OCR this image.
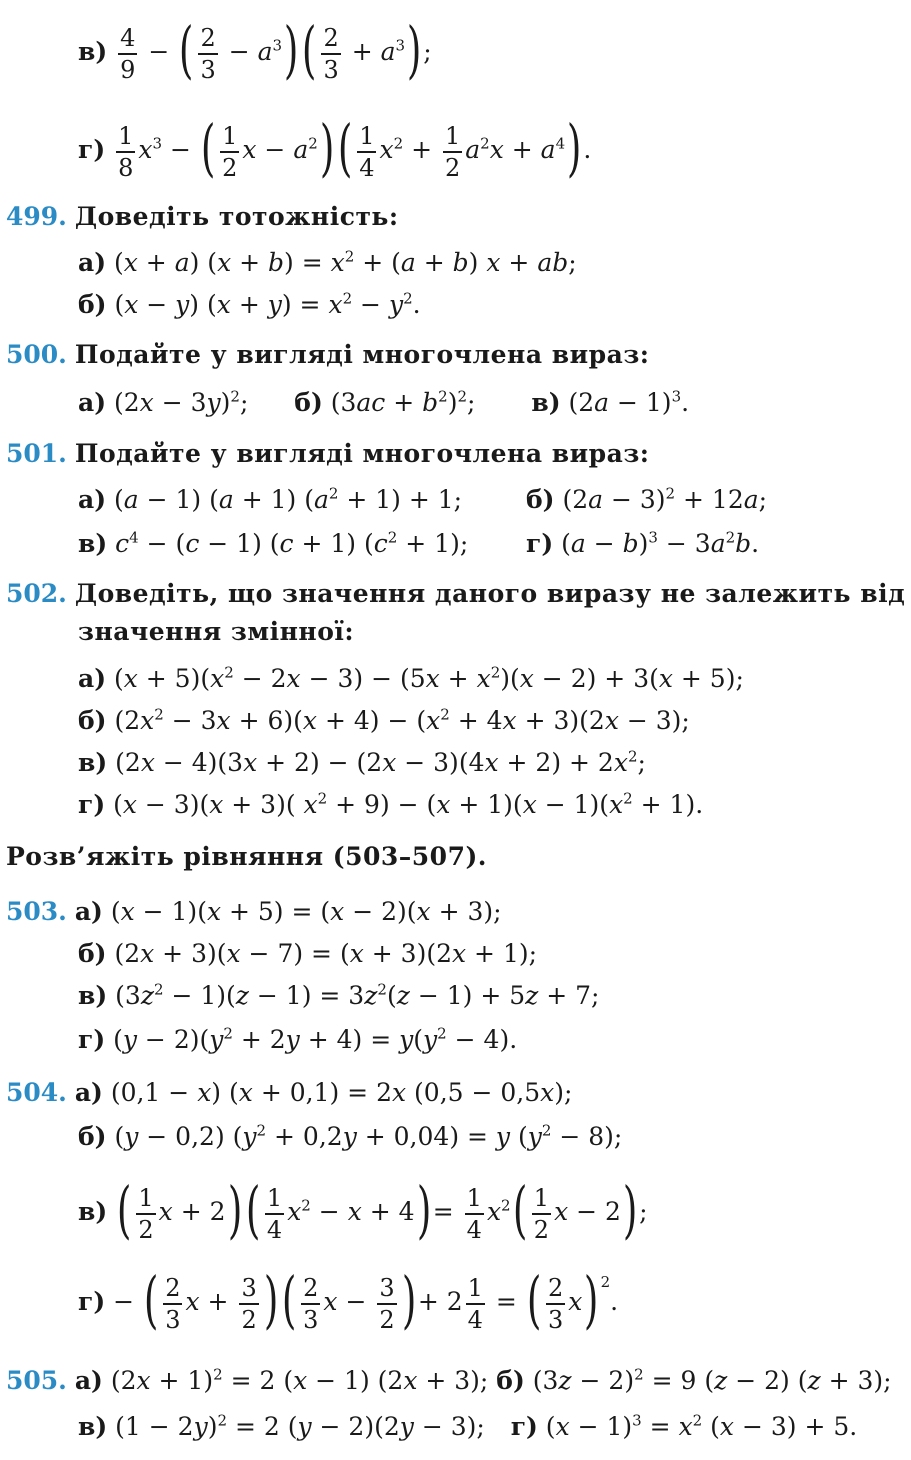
$в) \frac{4}{9}$ − ( $\frac{2}{3} - a^3)( \frac{2}{3} + a^3)$;
$г) \frac{1}{8} x^3$ − ( $\frac{1}{2}$ $x - a^2)( \frac{1}{4} x^2 + \frac{1}{2} a^2x + a^4)$.
499. Доведіть тотожність:
а) (x + a) $(x + b) = x^2 + (a + b) x$ + ab;
б) (x − y) $(x + y) = x^2 - y^2$.
500. Подайте у вигляді многочлена вираз:
а) $(2x - 3y)^2$;  б) $(3ac + b^2)^2$;  в) $(2a - 1)^3$.
501. Подайте у вигляді многочлена вираз:
а) (a − 1) (a + 1) $(a^2 + 1) + 1$;	б) $(2a - 3)^2 + 12a$;
в) $c^4 - (c - 1) (c + 1) (c^2 + 1)$; г) $(a - b)^3 - 3a^2b$.
502. Доведіть, що значення даного виразу не залежить від
значення змінної:
а) $(x + 5)(x^2 - 2x - 3) - (5x + x^2)(x - 2) + 3(x + 5)$;
б) $(2x^2 - 3x + 6)(x + 4) - (x^2 + 4x + 3)(2x - 3)$;
в) $(2x - 4)(3x + 2) - (2x - 3)(4x + 2) + 2x^2$;
г) (x − 3)(x + 3)( $x^2 + 9) - (x + 1)(x - 1)(x^2 + 1)$.
Розв’яжіть рівняння (503–507).
503. а) (x − 1)(x + 5) = (x − 2)(x + 3);
б) (2x + 3)(x − 7) = (x + 3)(2x + 1);
в) $(3z^2 - 1)(z - 1) = 3z^2(z - 1) + 5z + 7$;
г) $(y - 2)(y^2 + 2y + 4) = y(y^2 - 4)$.
504. а) (0,1 − x) (x + 0,1) = 2x (0,5 − 0,5x);
б) (y − 0,2) $(y^2 + 0,2y + 0,04) = y$ $(y^2 - 8)$;
в) ( $\frac{1}{2}$ $x + 2)( \frac{1}{4} x^2 - x + 4)= \frac{1}{4} x^2( \frac{1}{2}$ x − 2);
г) − ( $\frac{2}{3}$ $x + \frac{3}{2}$ )( $\frac{2}{3}$ $x - \frac{3}{2}$ )+ $2 \frac{1}{4}$ = ( $\frac{2}{3} x$) $^2$.
505. а) $(2x + 1)^2 = 2$ (x − 1) (2x + 3); б) $(3z - 2)^2 = 9$ (z − 2) (z + 3);
в) $(1 - 2y)^2 = 2$ (y − 2)(2y − 3);  г) $(x - 1)^3 = x^2$ (x − 3) + 5.
